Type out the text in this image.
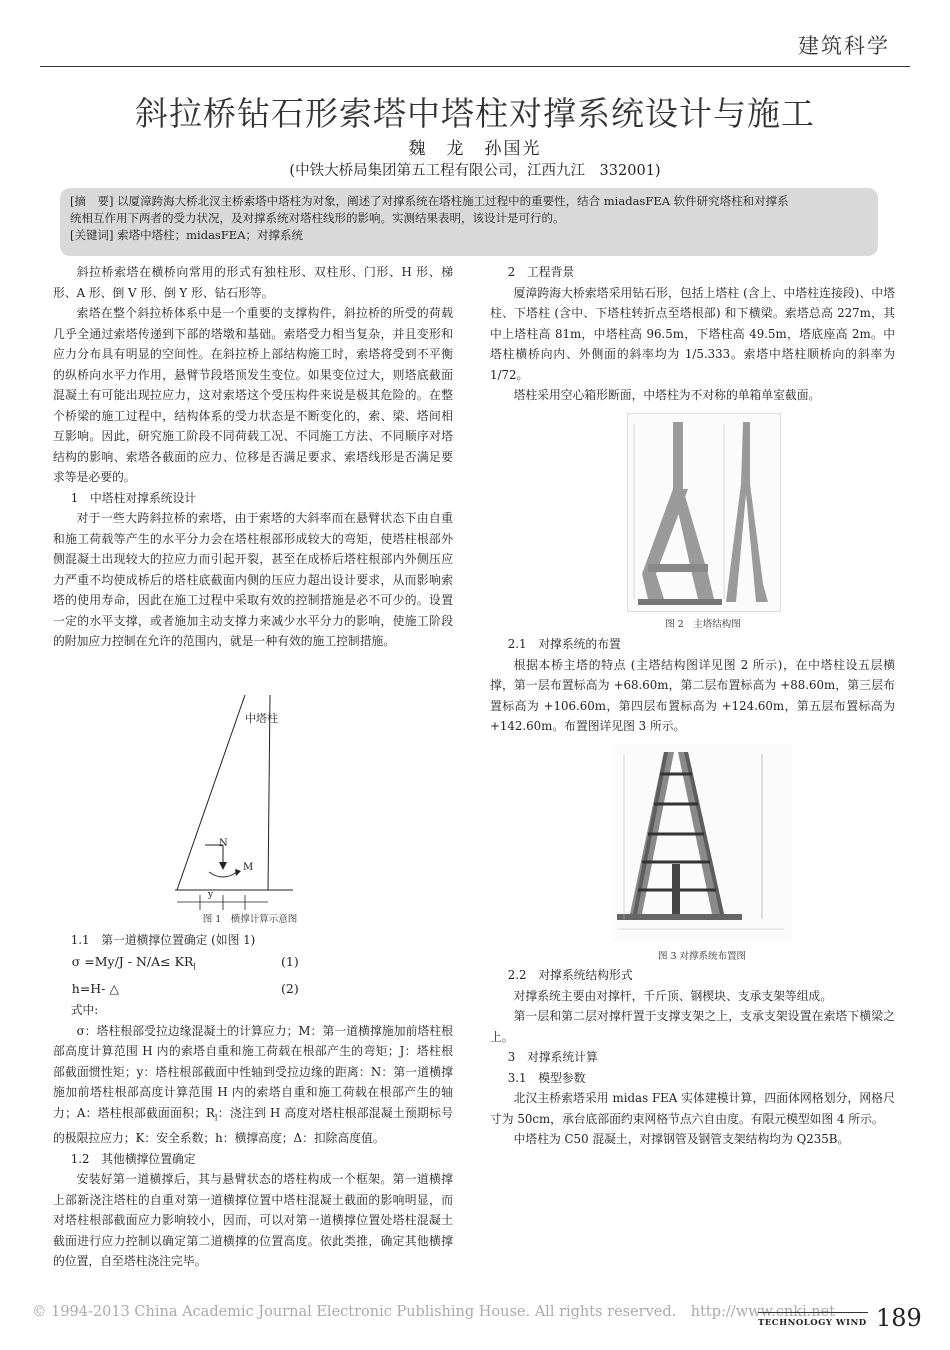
建筑科学
斜拉桥钻石形索塔中塔柱对撑系统设计与施工
魏　龙　孙国光
(中铁大桥局集团第五工程有限公司，江西九江　332001)
[摘　要] 以厦漳跨海大桥北汊主桥索塔中塔柱为对象，阐述了对撑系统在塔柱施工过程中的重要性，结合 miadasFEA 软件研究塔柱和对撑系
统相互作用下两者的受力状况，及对撑系统对塔柱线形的影响。实测结果表明，该设计是可行的。
[关键词] 索塔中塔柱；midasFEA；对撑系统

斜拉桥索塔在横桥向常用的形式有独柱形、双柱形、门形、H 形、梯形、A 形、倒 V 形、倒 Y 形、钻石形等。

索塔在整个斜拉桥体系中是一个重要的支撑构件，斜拉桥的所受的荷载几乎全通过索塔传递到下部的塔墩和基础。索塔受力相当复杂，并且变形和应力分布具有明显的空间性。在斜拉桥上部结构施工时，索塔将受到不平衡的纵桥向水平力作用，悬臂节段塔顶发生变位。如果变位过大，则塔底截面混凝土有可能出现拉应力，这对索塔这个受压构件来说是极其危险的。在整个桥梁的施工过程中，结构体系的受力状态是不断变化的，索、梁、塔间相互影响。因此，研究施工阶段不同荷载工况、不同施工方法、不同顺序对塔结构的影响、索塔各截面的应力、位移是否满足要求、索塔线形是否满足要求等是必要的。

1　中塔柱对撑系统设计

对于一些大跨斜拉桥的索塔，由于索塔的大斜率而在悬臂状态下由自重和施工荷载等产生的水平分力会在塔柱根部形成较大的弯矩，使塔柱根部外侧混凝土出现较大的拉应力而引起开裂，甚至在成桥后塔柱根部内外侧压应力严重不均使成桥后的塔柱底截面内侧的压应力超出设计要求，从而影响索塔的使用寿命，因此在施工过程中采取有效的控制措施是必不可少的。设置一定的水平支撑，或者施加主动支撑力来减少水平分力的影响，使施工阶段的附加应力控制在允许的范围内，就是一种有效的施工控制措施。

中塔柱
N
M
y
图 1　横撑计算示意图

1.1　第一道横撑位置确定 (如图 1)

$\sigma =My/J - N/A\le KR_l$	(1)
h=H- △	(2)

式中:

σ：塔柱根部受拉边缘混凝土的计算应力；M：第一道横撑施加前塔柱根部高度计算范围 H 内的索塔自重和施工荷载在根部产生的弯矩；J：塔柱根部截面惯性矩；y：塔柱根部截面中性轴到受拉边缘的距离：N：第一道横撑施加前塔柱根部高度计算范围 H 内的索塔自重和施工荷载在根部产生的轴力；A：塔柱根部截面面积；$R_l$：浇注到 H 高度对塔柱根部混凝土预期标号的极限拉应力；K：安全系数；h：横撑高度；Δ：扣除高度值。

1.2　其他横撑位置确定

安装好第一道横撑后，其与悬臂状态的塔柱构成一个框架。第一道横撑上部新浇注塔柱的自重对第一道横撑位置中塔柱混凝土截面的影响明显，而对塔柱根部截面应力影响较小，因而，可以对第一道横撑位置处塔柱混凝土截面进行应力控制以确定第二道横撑的位置高度。依此类推，确定其他横撑的位置，自至塔柱浇注完毕。

2　工程背景

厦漳跨海大桥索塔采用钻石形，包括上塔柱 (含上、中塔柱连接段)、中塔柱、下塔柱 (含中、下塔柱转折点至塔根部) 和下横梁。索塔总高 227m，其中上塔柱高 81m，中塔柱高 96.5m，下塔柱高 49.5m，塔底座高 2m。中塔柱横桥向内、外侧面的斜率均为 1/5.333。索塔中塔柱顺桥向的斜率为 1/72。

塔柱采用空心箱形断面，中塔柱为不对称的单箱单室截面。

图 2　主塔结构图

2.1　对撑系统的布置

根据本桥主塔的特点 (主塔结构图详见图 2 所示)，在中塔柱设五层横撑，第一层布置标高为 +68.60m，第二层布置标高为 +88.60m，第三层布置标高为 +106.60m，第四层布置标高为 +124.60m，第五层布置标高为 +142.60m。布置图详见图 3 所示。

图 3 对撑系统布置图

2.2　对撑系统结构形式

对撑系统主要由对撑杆，千斤顶、钢楔块、支承支架等组成。

第一层和第二层对撑杆置于支撑支架之上，支承支架设置在索塔下横梁之上。

3　对撑系统计算

3.1　模型参数

北汉主桥索塔采用 midas FEA 实体建模计算，四面体网格划分，网格尺寸为 50cm，承台底部面约束网格节点六自由度。有限元模型如图 4 所示。

中塔柱为 C50 混凝土，对撑钢管及钢管支架结构均为 Q235B。

© 1994-2013 China Academic Journal Electronic Publishing House. All rights reserved.　http://www.cnki.net
TECHNOLOGY WIND 189
